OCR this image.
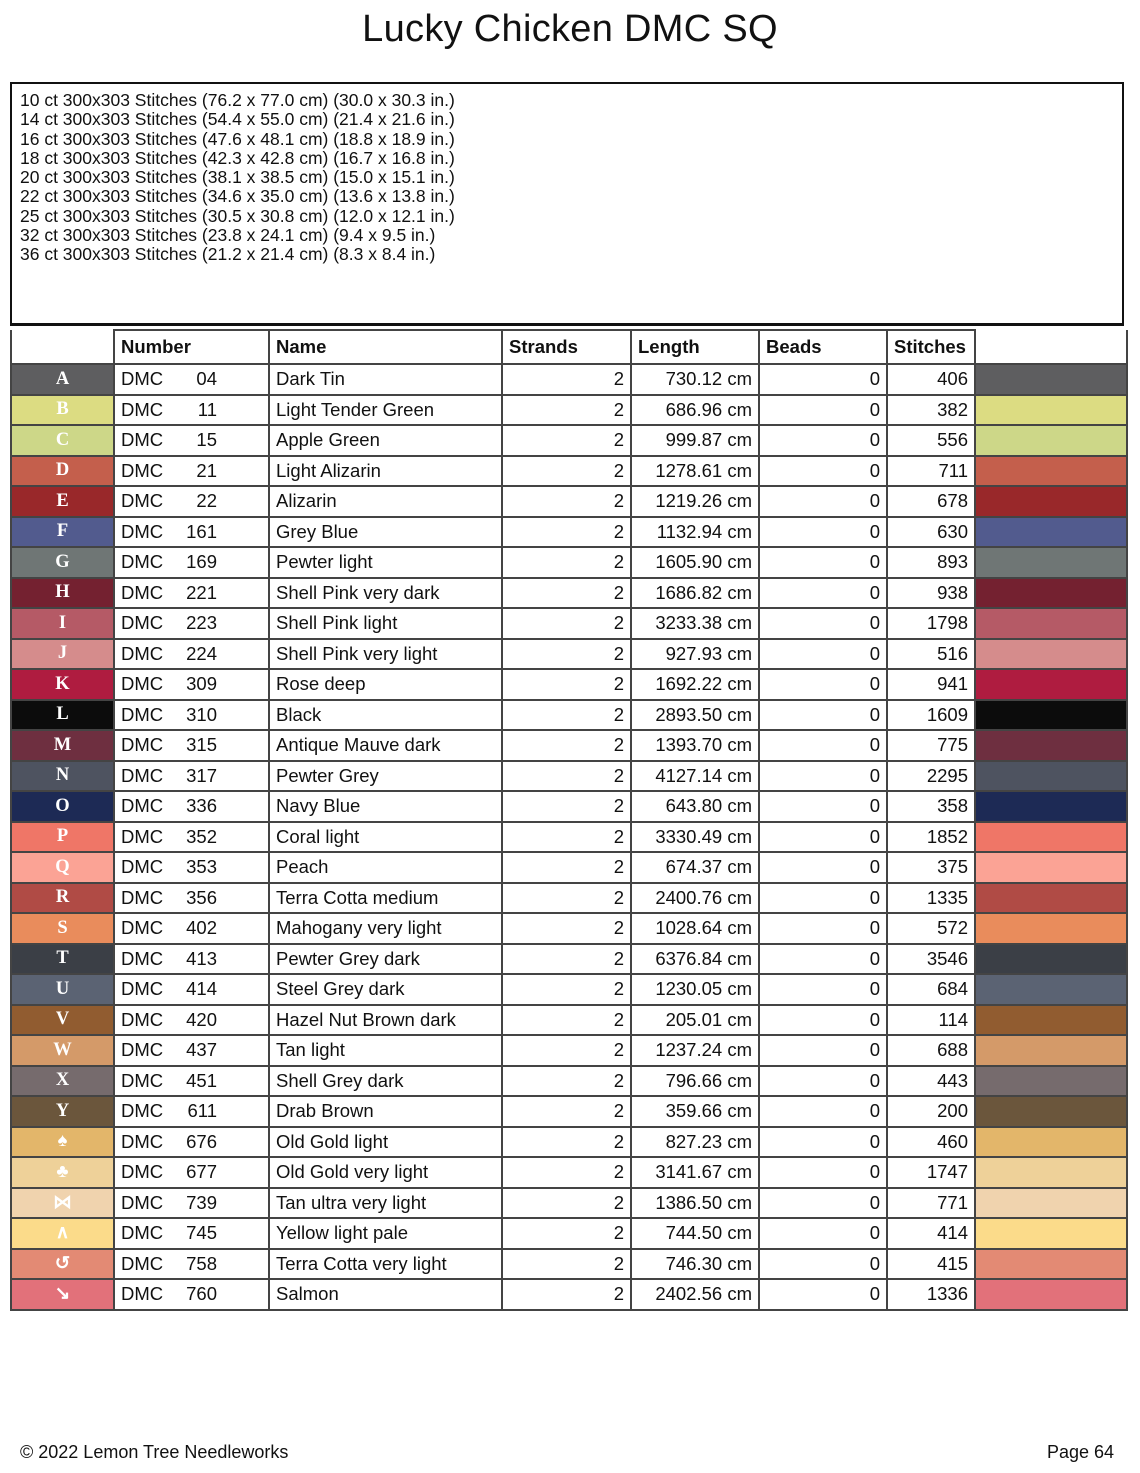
Lucky Chicken DMC SQ
10 ct 300x303 Stitches (76.2 x 77.0 cm) (30.0 x 30.3 in.)
14 ct 300x303 Stitches (54.4 x 55.0 cm) (21.4 x 21.6 in.)
16 ct 300x303 Stitches (47.6 x 48.1 cm) (18.8 x 18.9 in.)
18 ct 300x303 Stitches (42.3 x 42.8 cm) (16.7 x 16.8 in.)
20 ct 300x303 Stitches (38.1 x 38.5 cm) (15.0 x 15.1 in.)
22 ct 300x303 Stitches (34.6 x 35.0 cm) (13.6 x 13.8 in.)
25 ct 300x303 Stitches (30.5 x 30.8 cm) (12.0 x 12.1 in.)
32 ct 300x303 Stitches (23.8 x 24.1 cm) (9.4 x 9.5 in.)
36 ct 300x303 Stitches (21.2 x 21.4 cm) (8.3 x 8.4 in.)
	Number	Name	Strands	Length	Beads	Stitches	
A	DMC 04	Dark Tin	2	730.12 cm	0	406	
B	DMC 11	Light Tender Green	2	686.96 cm	0	382	
C	DMC 15	Apple Green	2	999.87 cm	0	556	
D	DMC 21	Light Alizarin	2	1278.61 cm	0	711	
E	DMC 22	Alizarin	2	1219.26 cm	0	678	
F	DMC 161	Grey Blue	2	1132.94 cm	0	630	
G	DMC 169	Pewter light	2	1605.90 cm	0	893	
H	DMC 221	Shell Pink very dark	2	1686.82 cm	0	938	
I	DMC 223	Shell Pink light	2	3233.38 cm	0	1798	
J	DMC 224	Shell Pink very light	2	927.93 cm	0	516	
K	DMC 309	Rose deep	2	1692.22 cm	0	941	
L	DMC 310	Black	2	2893.50 cm	0	1609	
M	DMC 315	Antique Mauve dark	2	1393.70 cm	0	775	
N	DMC 317	Pewter Grey	2	4127.14 cm	0	2295	
O	DMC 336	Navy Blue	2	643.80 cm	0	358	
P	DMC 352	Coral light	2	3330.49 cm	0	1852	
Q	DMC 353	Peach	2	674.37 cm	0	375	
R	DMC 356	Terra Cotta medium	2	2400.76 cm	0	1335	
S	DMC 402	Mahogany very light	2	1028.64 cm	0	572	
T	DMC 413	Pewter Grey dark	2	6376.84 cm	0	3546	
U	DMC 414	Steel Grey dark	2	1230.05 cm	0	684	
V	DMC 420	Hazel Nut Brown dark	2	205.01 cm	0	114	
W	DMC 437	Tan light	2	1237.24 cm	0	688	
X	DMC 451	Shell Grey dark	2	796.66 cm	0	443	
Y	DMC 611	Drab Brown	2	359.66 cm	0	200	
♠	DMC 676	Old Gold light	2	827.23 cm	0	460	
♣	DMC 677	Old Gold very light	2	3141.67 cm	0	1747	
⋈	DMC 739	Tan ultra very light	2	1386.50 cm	0	771	
∧	DMC 745	Yellow light pale	2	744.50 cm	0	414	
↺	DMC 758	Terra Cotta very light	2	746.30 cm	0	415	
↘	DMC 760	Salmon	2	2402.56 cm	0	1336	
© 2022 Lemon Tree Needleworks	Page 64
